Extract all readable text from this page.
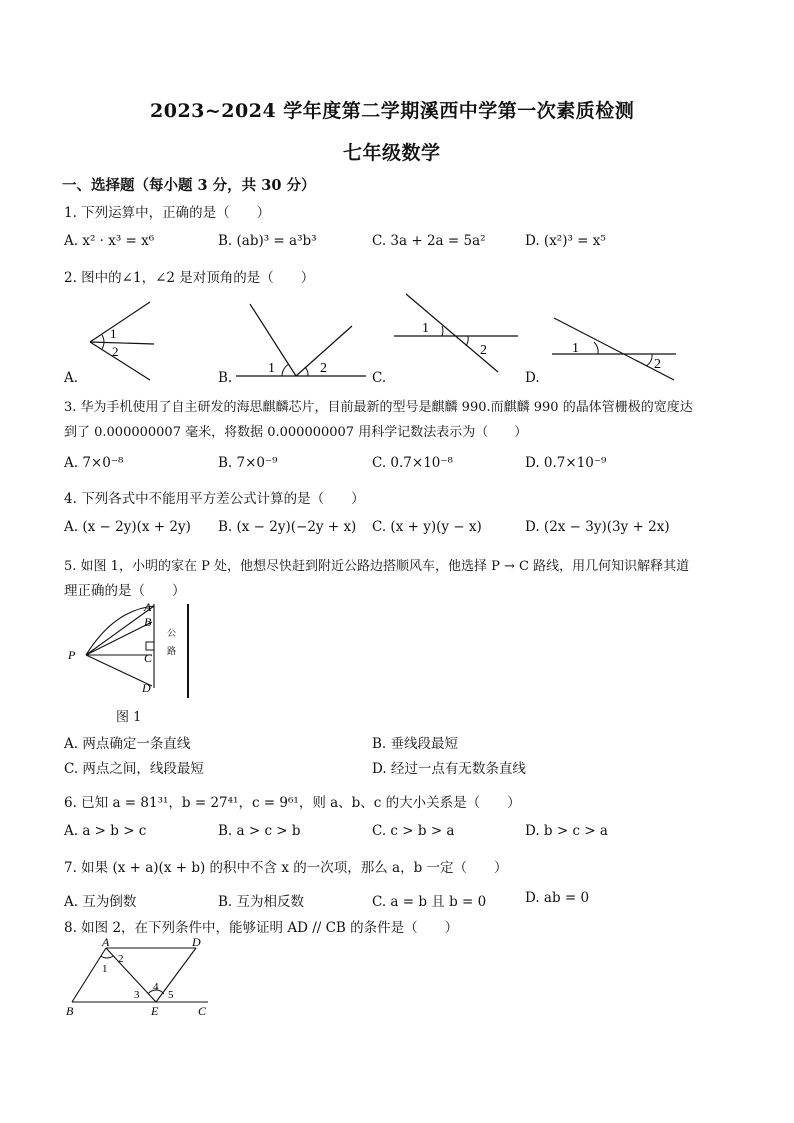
2023~2024 学年度第二学期溪西中学第一次素质检测
七年级数学
一、选择题（每小题 3 分，共 30 分）
1. 下列运算中，正确的是（　　）
A. x² · x³ = x⁶	B. (ab)³ = a³b³	C. 3a + 2a = 5a²	D. (x²)³ = x⁵
2. 图中的∠1，∠2 是对顶角的是（　　）
1
2
1	2
1
2	1
2
A.	B.	C.	D.
3. 华为手机使用了自主研发的海思麒麟芯片，目前最新的型号是麒麟 990.而麒麟 990 的晶体管栅极的宽度达
到了 0.000000007 毫米，将数据 0.000000007 用科学记数法表示为（　　）
A. 7×0⁻⁸	B. 7×0⁻⁹	C. 0.7×10⁻⁸	D. 0.7×10⁻⁹
4. 下列各式中不能用平方差公式计算的是（　　）
A. (x − 2y)(x + 2y) B. (x − 2y)(−2y + x) C. (x + y)(y − x)	D. (2x − 3y)(3y + 2x)
5. 如图 1，小明的家在 P 处，他想尽快赶到附近公路边搭顺风车，他选择 P → C 路线，用几何知识解释其道
理正确的是（　　）
A
B
C
D
P
公
路
图 1
A. 两点确定一条直线	B. 垂线段最短
C. 两点之间，线段最短	D. 经过一点有无数条直线
6. 已知 a = 81³¹，b = 27⁴¹，c = 9⁶¹，则 a、b、c 的大小关系是（　　）
A. a > b > c	B. a > c > b	C. c > b > a	D. b > c > a
7. 如果 (x + a)(x + b) 的积中不含 x 的一次项，那么 a，b 一定（　　）
A. 互为倒数	B. 互为相反数	C. a = b 且 b = 0	D. ab = 0
8. 如图 2，在下列条件中，能够证明 AD // CB 的条件是（　　）
A	D
1
2
3
4
5
B	E	C
